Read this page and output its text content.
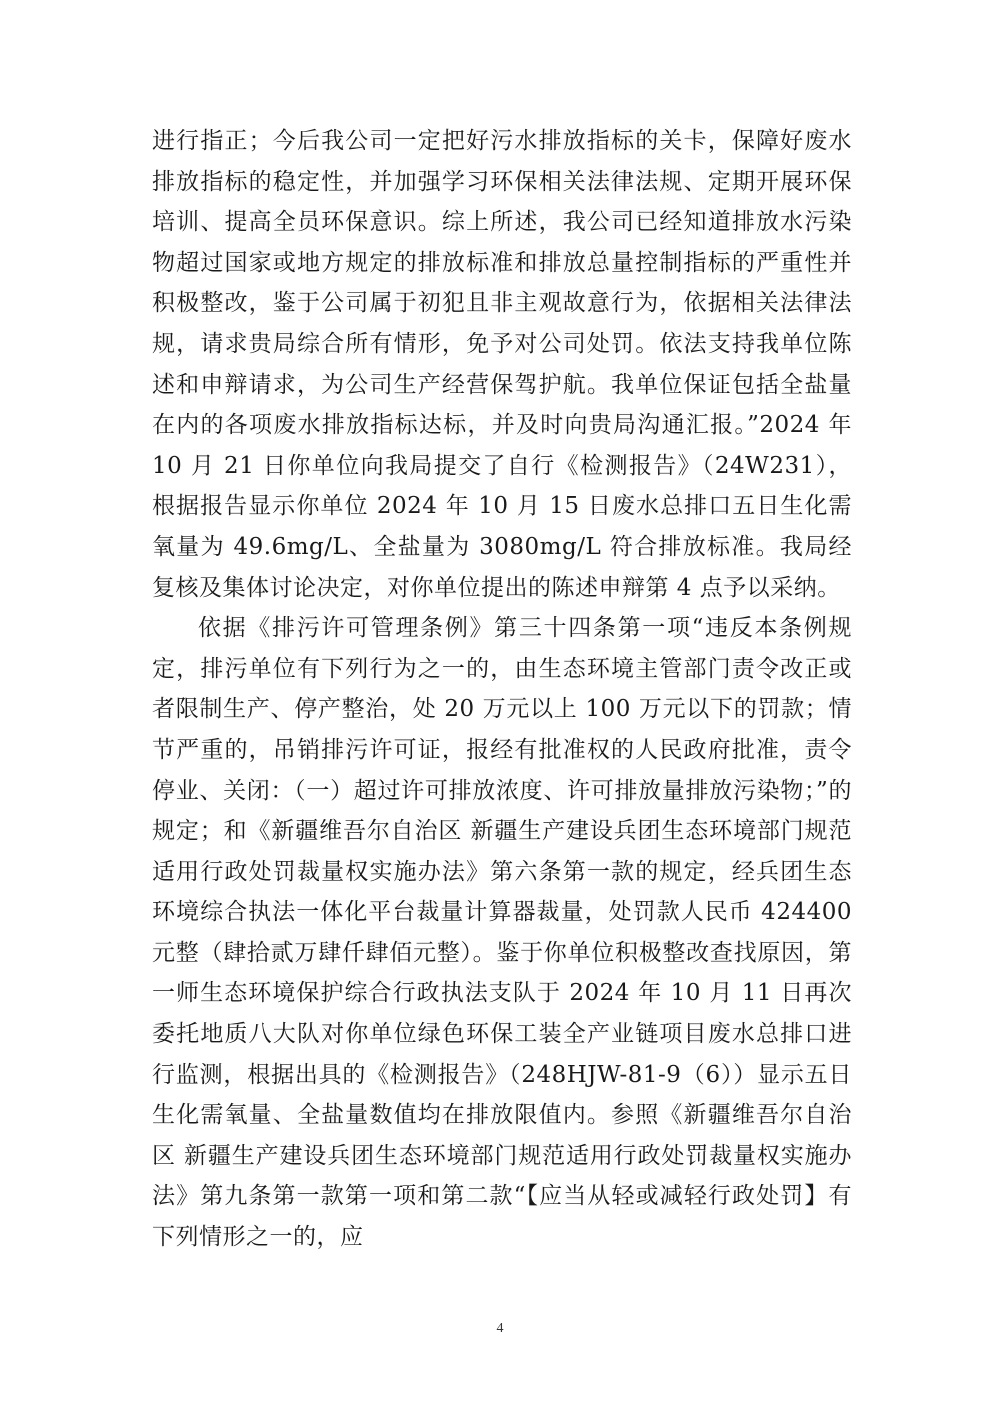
进行指正；今后我公司一定把好污水排放指标的关卡，保障好废水排放指标的稳定性，并加强学习环保相关法律法规、定期开展环保培训、提高全员环保意识。综上所述，我公司已经知道排放水污染物超过国家或地方规定的排放标准和排放总量控制指标的严重性并积极整改，鉴于公司属于初犯且非主观故意行为，依据相关法律法规，请求贵局综合所有情形，免予对公司处罚。依法支持我单位陈述和申辩请求，为公司生产经营保驾护航。我单位保证包括全盐量在内的各项废水排放指标达标，并及时向贵局沟通汇报。”2024 年 10 月 21 日你单位向我局提交了自行《检测报告》（24W231），根据报告显示你单位 2024 年 10 月 15 日废水总排口五日生化需氧量为 49.6mg/L、全盐量为 3080mg/L 符合排放标准。我局经复核及集体讨论决定，对你单位提出的陈述申辩第 4 点予以采纳。

依据《排污许可管理条例》第三十四条第一项“违反本条例规定，排污单位有下列行为之一的，由生态环境主管部门责令改正或者限制生产、停产整治，处 20 万元以上 100 万元以下的罚款；情节严重的，吊销排污许可证，报经有批准权的人民政府批准，责令停业、关闭：（一）超过许可排放浓度、许可排放量排放污染物；”的规定；和《新疆维吾尔自治区 新疆生产建设兵团生态环境部门规范适用行政处罚裁量权实施办法》第六条第一款的规定，经兵团生态环境综合执法一体化平台裁量计算器裁量，处罚款人民币 424400 元整（肆拾贰万肆仟肆佰元整）。鉴于你单位积极整改查找原因，第一师生态环境保护综合行政执法支队于 2024 年 10 月 11 日再次委托地质八大队对你单位绿色环保工装全产业链项目废水总排口进行监测，根据出具的《检测报告》（248HJW-81-9（6））显示五日生化需氧量、全盐量数值均在排放限值内。参照《新疆维吾尔自治区 新疆生产建设兵团生态环境部门规范适用行政处罚裁量权实施办法》第九条第一款第一项和第二款“【应当从轻或减轻行政处罚】有下列情形之一的，应

4
